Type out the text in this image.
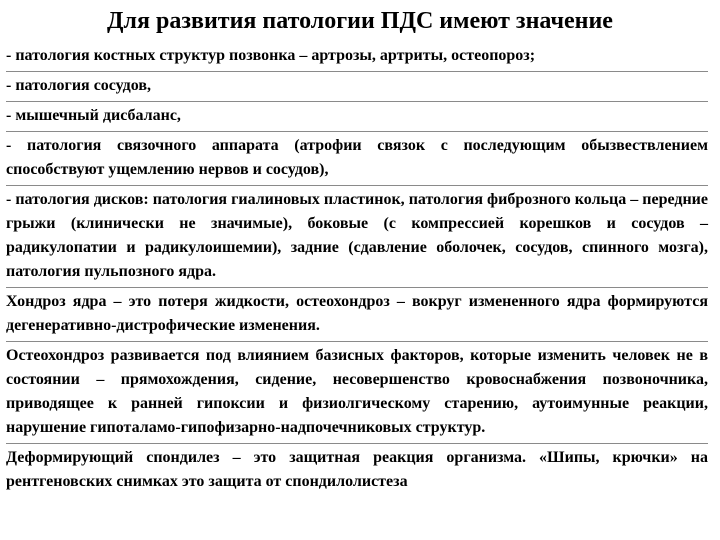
Для развития патологии ПДС имеют значение
- патология костных структур позвонка – артрозы, артриты, остеопороз;
- патология сосудов,
- мышечный дисбаланс,
- патология связочного аппарата (атрофии связок с последующим обызвествлением способствуют ущемлению нервов и сосудов),
- патология дисков: патология гиалиновых пластинок, патология фиброзного кольца – передние грыжи (клинически не значимые), боковые (с компрессией корешков и сосудов – радикулопатии и радикулоишемии), задние (сдавление оболочек, сосудов, спинного мозга), патология пульпозного ядра.
Хондроз ядра – это потеря жидкости, остеохондроз – вокруг измененного ядра формируются дегенеративно-дистрофические изменения.
Остеохондроз развивается под влиянием базисных факторов, которые изменить человек не в состоянии – прямохождения, сидение, несовершенство кровоснабжения позвоночника, приводящее к ранней гипоксии и физиолгическому старению, аутоимунные реакции, нарушение гипоталамо-гипофизарно-надпочечниковых структур.
Деформирующий спондилез – это защитная реакция организма. «Шипы, крючки» на рентгеновских снимках это защита от спондилолистеза
